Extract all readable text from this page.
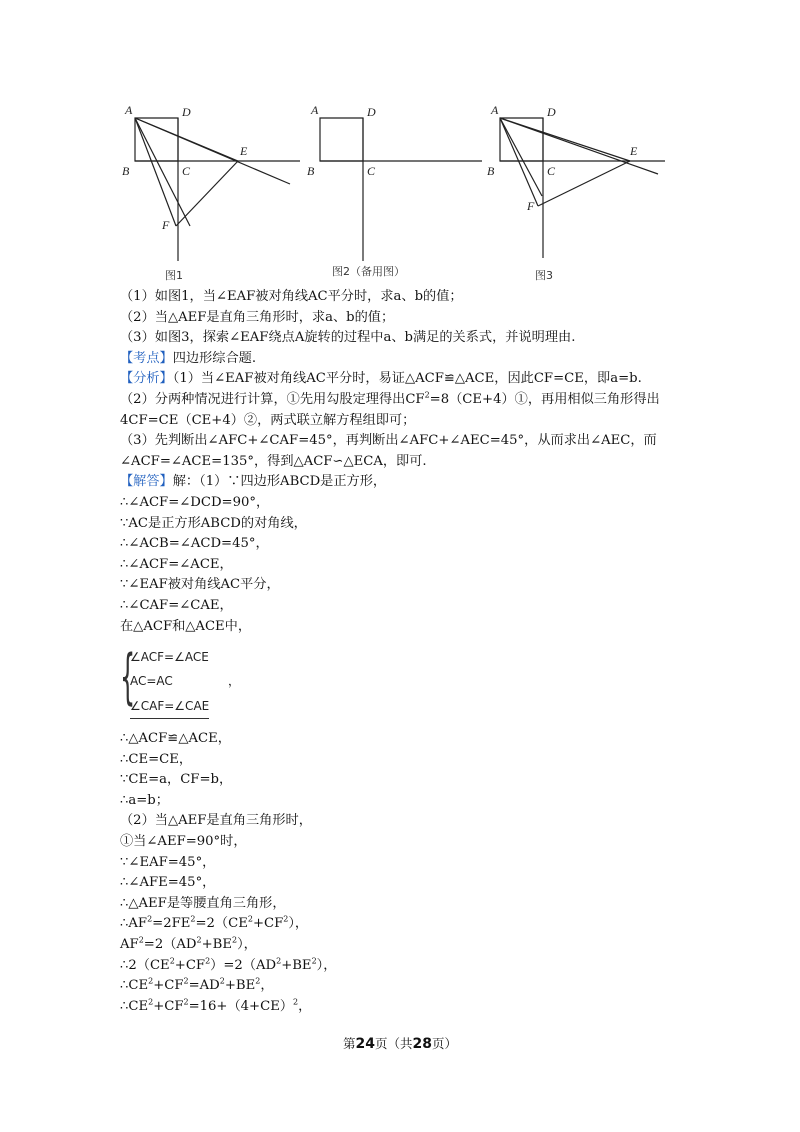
A	D
B	C
E
F
图1
A	D
B	C
图2（备用图）
A	D
B	C
E
F
图3
（1）如图1，当∠EAF被对角线AC平分时，求a、b的值；
（2）当△AEF是直角三角形时，求a、b的值；
（3）如图3，探索∠EAF绕点A旋转的过程中a、b满足的关系式，并说明理由.
【考点】四边形综合题.
【分析】（1）当∠EAF被对角线AC平分时，易证△ACF≌△ACE，因此CF=CE，即a=b.
（2）分两种情况进行计算，①先用勾股定理得出$CF^2=8(CE+4)①$，再用相似三角形得出
4CF=CE（CE+4）②，两式联立解方程组即可；
（3）先判断出∠AFC+∠CAF=45°，再判断出∠AFC+∠AEC=45°，从而求出∠AEC，而
∠ACF=∠ACE=135°，得到△ACF∽△ECA，即可.
【解答】解：（1）∵四边形ABCD是正方形，
∴∠ACF=∠DCD=90°，
∵AC是正方形ABCD的对角线，
∴∠ACB=∠ACD=45°，
∴∠ACF=∠ACE，
∵∠EAF被对角线AC平分，
∴∠CAF=∠CAE，
在△ACF和△ACE中，
{
∠ACF=∠ACE
AC=AC
∠CAF=∠CAE
，
∴△ACF≌△ACE，
∴CE=CE，
∵CE=a，CF=b，
∴a=b；
（2）当△AEF是直角三角形时，
①当∠AEF=90°时，
∵∠EAF=45°，
∴∠AFE=45°，
∴△AEF是等腰直角三角形，
$\therefore AF^2=2FE^2=2(CE^2+CF^2)$，
$AF^2=2(AD^2+BE^2)$，
$\therefore 2(CE^2+CF^2)=2(AD^2+BE^2)$，
$\therefore CE^2+CF^2=AD^2+BE^2$，
$\therefore CE^2+CF^2=16+(4+CE)^2$，
第24页（共28页）
